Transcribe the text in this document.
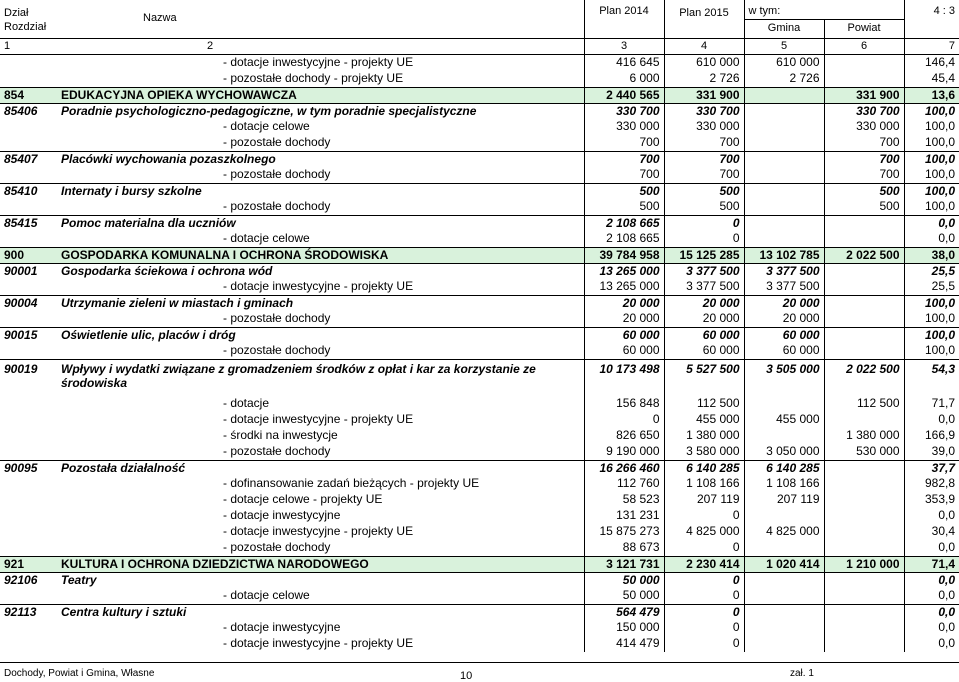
Dział	Nazwa	Plan 2014	Plan 2015	w tym:		4 : 3
Rozdział				Gmina	Powiat	
1	2	3	4	5	6	7
	- dotacje inwestycyjne - projekty UE	416 645	610 000	610 000		146,4
	- pozostałe dochody - projekty UE	6 000	2 726	2 726		45,4
854	EDUKACYJNA OPIEKA WYCHOWAWCZA	2 440 565	331 900		331 900	13,6
85406	Poradnie psychologiczno-pedagogiczne, w tym poradnie specjalistyczne	330 700	330 700		330 700	100,0
	- dotacje celowe	330 000	330 000		330 000	100,0
	- pozostałe dochody	700	700		700	100,0
85407	Placówki wychowania pozaszkolnego	700	700		700	100,0
	- pozostałe dochody	700	700		700	100,0
85410	Internaty i bursy szkolne	500	500		500	100,0
	- pozostałe dochody	500	500		500	100,0
85415	Pomoc materialna dla uczniów	2 108 665	0			0,0
	- dotacje celowe	2 108 665	0			0,0
900	GOSPODARKA KOMUNALNA I OCHRONA ŚRODOWISKA	39 784 958	15 125 285	13 102 785	2 022 500	38,0
90001	Gospodarka ściekowa i ochrona wód	13 265 000	3 377 500	3 377 500		25,5
	- dotacje inwestycyjne - projekty UE	13 265 000	3 377 500	3 377 500		25,5
90004	Utrzymanie zieleni w miastach i gminach	20 000	20 000	20 000		100,0
	- pozostałe dochody	20 000	20 000	20 000		100,0
90015	Oświetlenie ulic, placów i dróg	60 000	60 000	60 000		100,0
	- pozostałe dochody	60 000	60 000	60 000		100,0
90019	Wpływy i wydatki związane z gromadzeniem środków z opłat i kar za korzystanie ze środowiska	10 173 498	5 527 500	3 505 000	2 022 500	54,3
	- dotacje	156 848	112 500		112 500	71,7
	- dotacje inwestycyjne - projekty UE	0	455 000	455 000		0,0
	- środki na inwestycje	826 650	1 380 000		1 380 000	166,9
	- pozostałe dochody	9 190 000	3 580 000	3 050 000	530 000	39,0
90095	Pozostała działalność	16 266 460	6 140 285	6 140 285		37,7
	- dofinansowanie zadań bieżących - projekty UE	112 760	1 108 166	1 108 166		982,8
	- dotacje celowe - projekty UE	58 523	207 119	207 119		353,9
	- dotacje inwestycyjne	131 231	0			0,0
	- dotacje inwestycyjne - projekty UE	15 875 273	4 825 000	4 825 000		30,4
	- pozostałe dochody	88 673	0			0,0
921	KULTURA I OCHRONA DZIEDZICTWA NARODOWEGO	3 121 731	2 230 414	1 020 414	1 210 000	71,4
92106	Teatry	50 000	0			0,0
	- dotacje celowe	50 000	0			0,0
92113	Centra kultury i sztuki	564 479	0			0,0
	- dotacje inwestycyjne	150 000	0			0,0
	- dotacje inwestycyjne - projekty UE	414 479	0			0,0
Dochody, Powiat i Gmina, Własne	10	zał. 1
